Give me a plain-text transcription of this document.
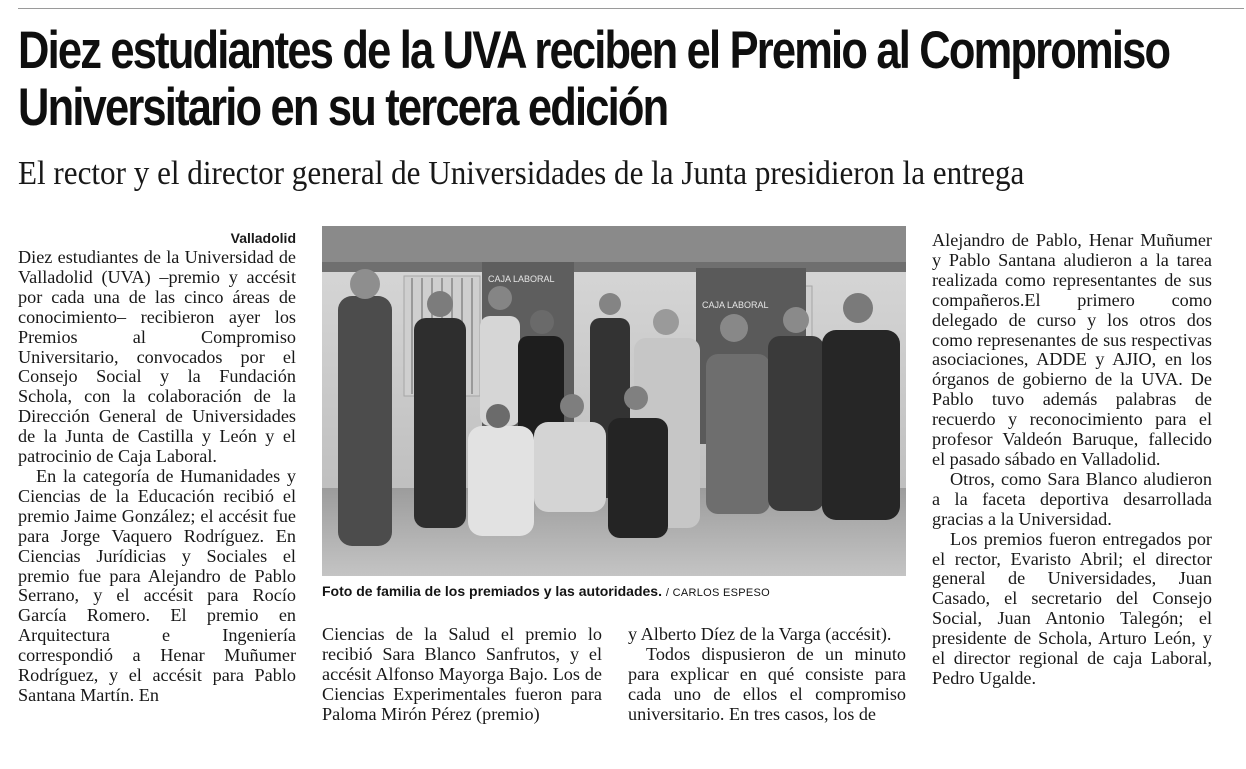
Diez estudiantes de la UVA reciben el Premio al Compromiso Universitario en su tercera edición
El rector y el director general de Universidades de la Junta presidieron la entrega
Valladolid

Diez estudiantes de la Universidad de Valladolid (UVA) –premio y accésit por cada una de las cinco áreas de conocimiento– recibieron ayer los Premios al Compromiso Universitario, convocados por el Consejo Social y la Fundación Schola, con la colaboración de la Dirección General de Universidades de la Junta de Castilla y León y el patrocinio de Caja Laboral.

En la categoría de Humanidades y Ciencias de la Educación recibió el premio Jaime González; el accésit fue para Jorge Vaquero Rodríguez. En Ciencias Jurídicias y Sociales el premio fue para Alejandro de Pablo Serrano, y el accésit para Rocío García Romero. El premio en Arquitectura e Ingeniería correspondió a Henar Muñumer Rodríguez, y el accésit para Pablo Santana Martín. En

CAJA LABORAL
CAJA LABORAL
Foto de familia de los premiados y las autoridades. / CARLOS ESPESO

Ciencias de la Salud el premio lo recibió Sara Blanco Sanfrutos, y el accésit Alfonso Mayorga Bajo. Los de Ciencias Experimentales fueron para Paloma Mirón Pérez (premio)

y Alberto Díez de la Varga (accésit).

Todos dispusieron de un minuto para explicar en qué consiste para cada uno de ellos el compromiso universitario. En tres casos, los de

Alejandro de Pablo, Henar Muñumer y Pablo Santana aludieron a la tarea realizada como representantes de sus compañeros.El primero como delegado de curso y los otros dos como represenantes de sus respectivas asociaciones, ADDE y AJIO, en los órganos de gobierno de la UVA. De Pablo tuvo además palabras de recuerdo y reconocimiento para el profesor Valdeón Baruque, fallecido el pasado sábado en Valladolid.

Otros, como Sara Blanco aludieron a la faceta deportiva desarrollada gracias a la Universidad.

Los premios fueron entregados por el rector, Evaristo Abril; el director general de Universidades, Juan Casado, el secretario del Consejo Social, Juan Antonio Talegón; el presidente de Schola, Arturo León, y el director regional de caja Laboral, Pedro Ugalde.
